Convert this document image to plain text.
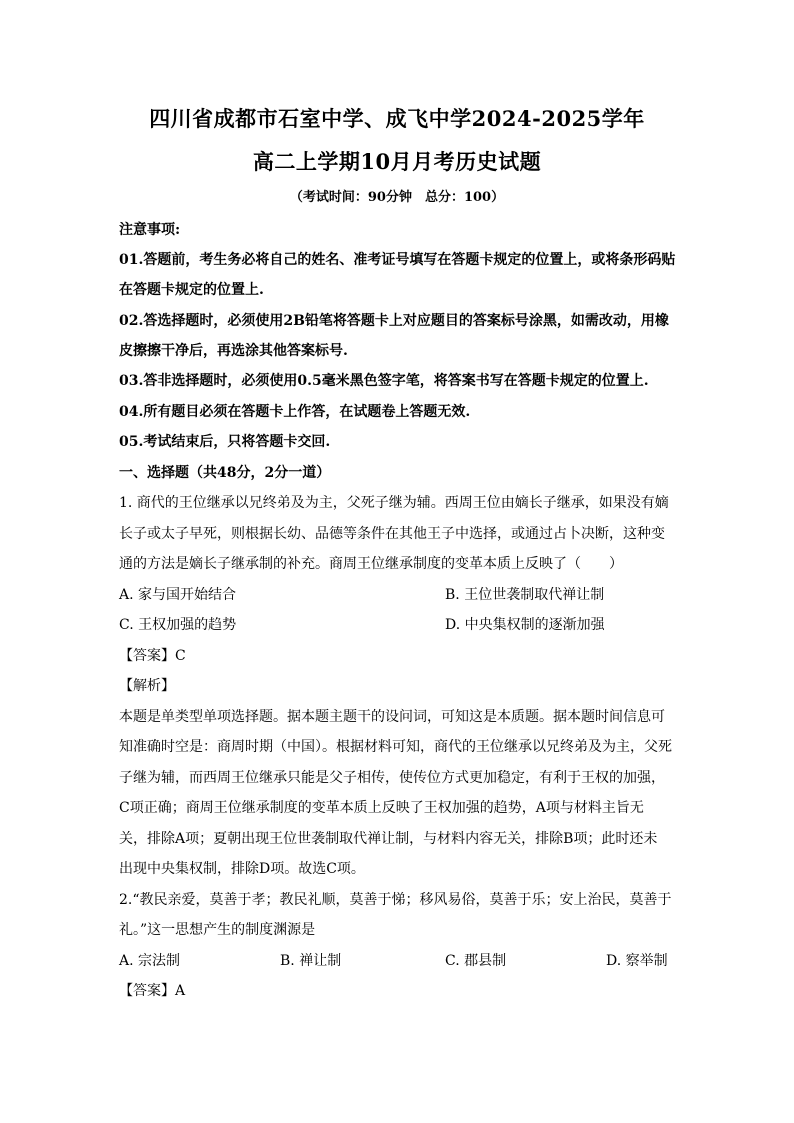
四川省成都市石室中学、成飞中学2024-2025学年
高二上学期10月月考历史试题
（考试时间：90分钟　总分：100）
注意事项:
01.答题前，考生务必将自己的姓名、准考证号填写在答题卡规定的位置上，或将条形码贴
在答题卡规定的位置上.
02.答选择题时，必须使用2B铅笔将答题卡上对应题目的答案标号涂黑，如需改动，用橡
皮擦擦干净后，再选涂其他答案标号.
03.答非选择题时，必须使用0.5毫米黑色签字笔，将答案书写在答题卡规定的位置上.
04.所有题目必须在答题卡上作答，在试题卷上答题无效.
05.考试结束后，只将答题卡交回.
一、选择题（共48分，2分一道）
1. 商代的王位继承以兄终弟及为主，父死子继为辅。西周王位由嫡长子继承，如果没有嫡
长子或太子早死，则根据长幼、品德等条件在其他王子中选择，或通过占卜决断，这种变
通的方法是嫡长子继承制的补充。商周王位继承制度的变革本质上反映了（　　）
A. 家与国开始结合	B. 王位世袭制取代禅让制
C. 王权加强的趋势	D. 中央集权制的逐渐加强
【答案】C
【解析】
本题是单类型单项选择题。据本题主题干的设问词，可知这是本质题。据本题时间信息可
知准确时空是：商周时期（中国）。根据材料可知，商代的王位继承以兄终弟及为主，父死
子继为辅，而西周王位继承只能是父子相传，使传位方式更加稳定，有利于王权的加强，
C项正确；商周王位继承制度的变革本质上反映了王权加强的趋势，A项与材料主旨无
关，排除A项；夏朝出现王位世袭制取代禅让制，与材料内容无关，排除B项；此时还未
出现中央集权制，排除D项。故选C项。
2.“教民亲爱，莫善于孝；教民礼顺，莫善于悌；移风易俗，莫善于乐；安上治民，莫善于
礼。”这一思想产生的制度渊源是
A. 宗法制	B. 禅让制	C. 郡县制	D. 察举制
【答案】A
